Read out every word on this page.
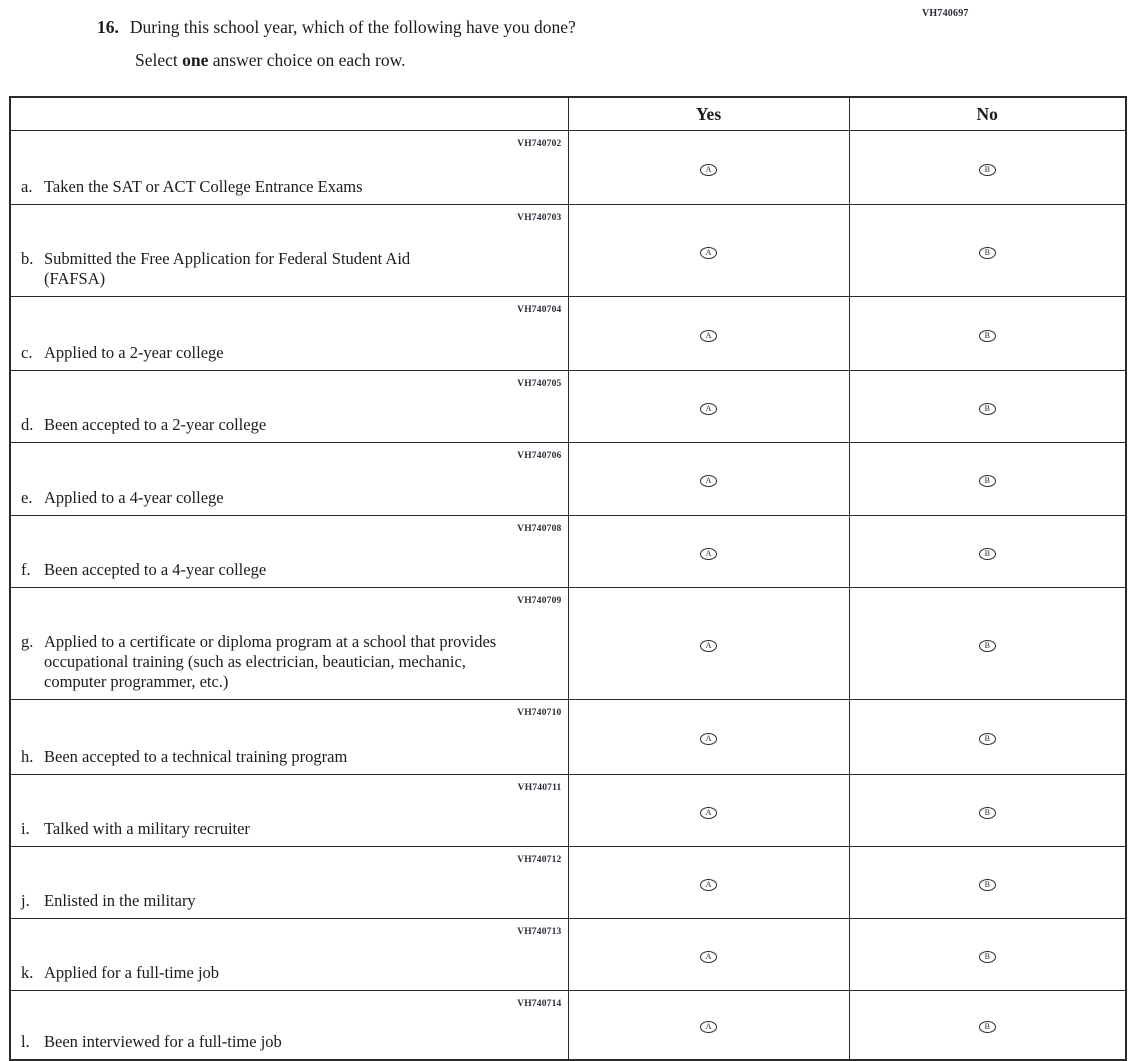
VH740697
16. During this school year, which of the following have you done?
Select one answer choice on each row.
	Yes	No

VH740702
a. Taken the SAT or ACT College Entrance Exams	A	B

VH740703
b. Submitted the Free Application for Federal Student Aid (FAFSA)	A	B

VH740704
c. Applied to a 2-year college	A	B

VH740705
d. Been accepted to a 2-year college	A	B

VH740706
e. Applied to a 4-year college	A	B

VH740708
f. Been accepted to a 4-year college	A	B

VH740709
g. Applied to a certificate or diploma program at a school that provides occupational training (such as electrician, beautician, mechanic, computer programmer, etc.)	A	B

VH740710
h. Been accepted to a technical training program	A	B

VH740711
i. Talked with a military recruiter	A	B

VH740712
j. Enlisted in the military	A	B

VH740713
k. Applied for a full-time job	A	B

VH740714
l. Been interviewed for a full-time job	A	B
